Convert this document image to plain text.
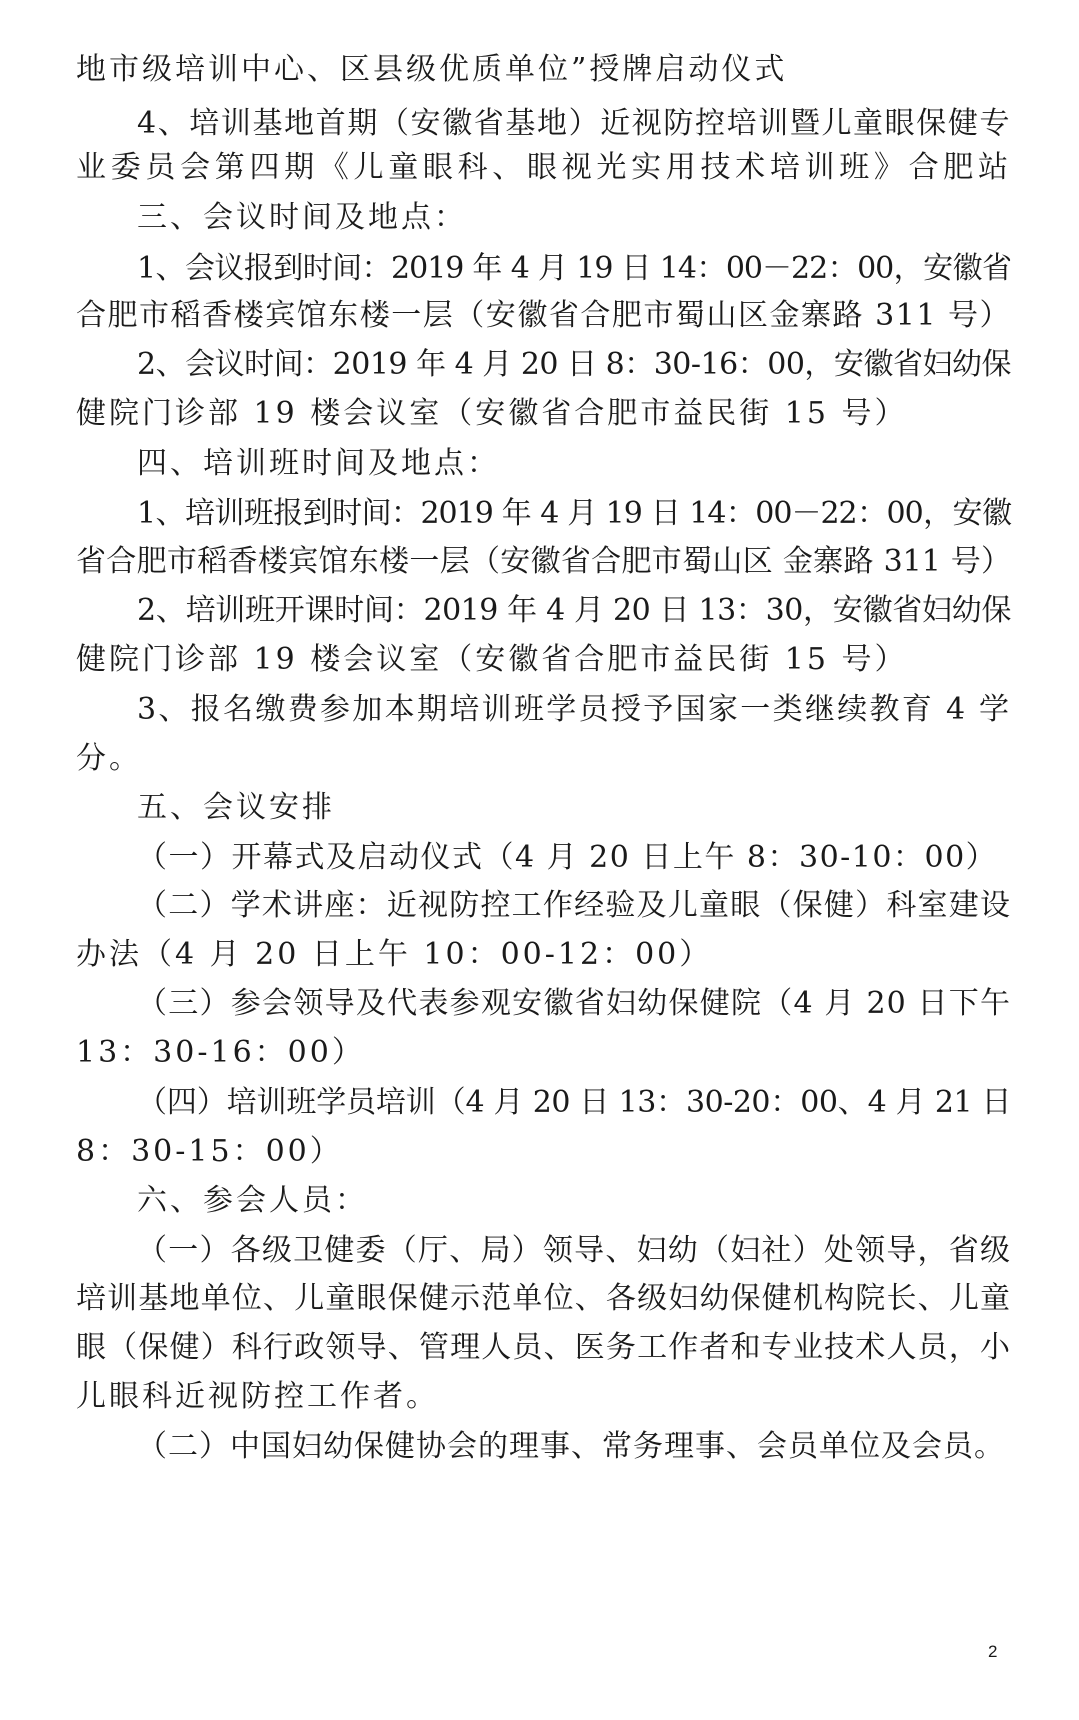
地市级培训中心、区县级优质单位”授牌启动仪式
4、培训基地首期（安徽省基地）近视防控培训暨儿童眼保健专
业委员会第四期《儿童眼科、眼视光实用技术培训班》合肥站
三、会议时间及地点：
1、会议报到时间：2019 年 4 月 19 日 14：00－22：00，安徽省
合肥市稻香楼宾馆东楼一层（安徽省合肥市蜀山区金寨路 311 号）
2、会议时间：2019 年 4 月 20 日 8：30-16：00，安徽省妇幼保
健院门诊部 19 楼会议室（安徽省合肥市益民街 15 号）
四、培训班时间及地点：
1、培训班报到时间：2019 年 4 月 19 日 14：00－22：00，安徽
省合肥市稻香楼宾馆东楼一层（安徽省合肥市蜀山区 金寨路 311 号）
2、培训班开课时间：2019 年 4 月 20 日 13：30，安徽省妇幼保
健院门诊部 19 楼会议室（安徽省合肥市益民街 15 号）
3、报名缴费参加本期培训班学员授予国家一类继续教育 4 学
分。
五、会议安排
（一）开幕式及启动仪式（4 月 20 日上午 8：30-10：00）
（二）学术讲座：近视防控工作经验及儿童眼（保健）科室建设
办法（4 月 20 日上午 10：00-12：00）
（三）参会领导及代表参观安徽省妇幼保健院（4 月 20 日下午
13：30-16：00）
（四）培训班学员培训（4 月 20 日 13：30-20：00、4 月 21 日
8：30-15：00）
六、参会人员：
（一）各级卫健委（厅、局）领导、妇幼（妇社）处领导，省级
培训基地单位、儿童眼保健示范单位、各级妇幼保健机构院长、儿童
眼（保健）科行政领导、管理人员、医务工作者和专业技术人员，小
儿眼科近视防控工作者。
（二）中国妇幼保健协会的理事、常务理事、会员单位及会员。
2
